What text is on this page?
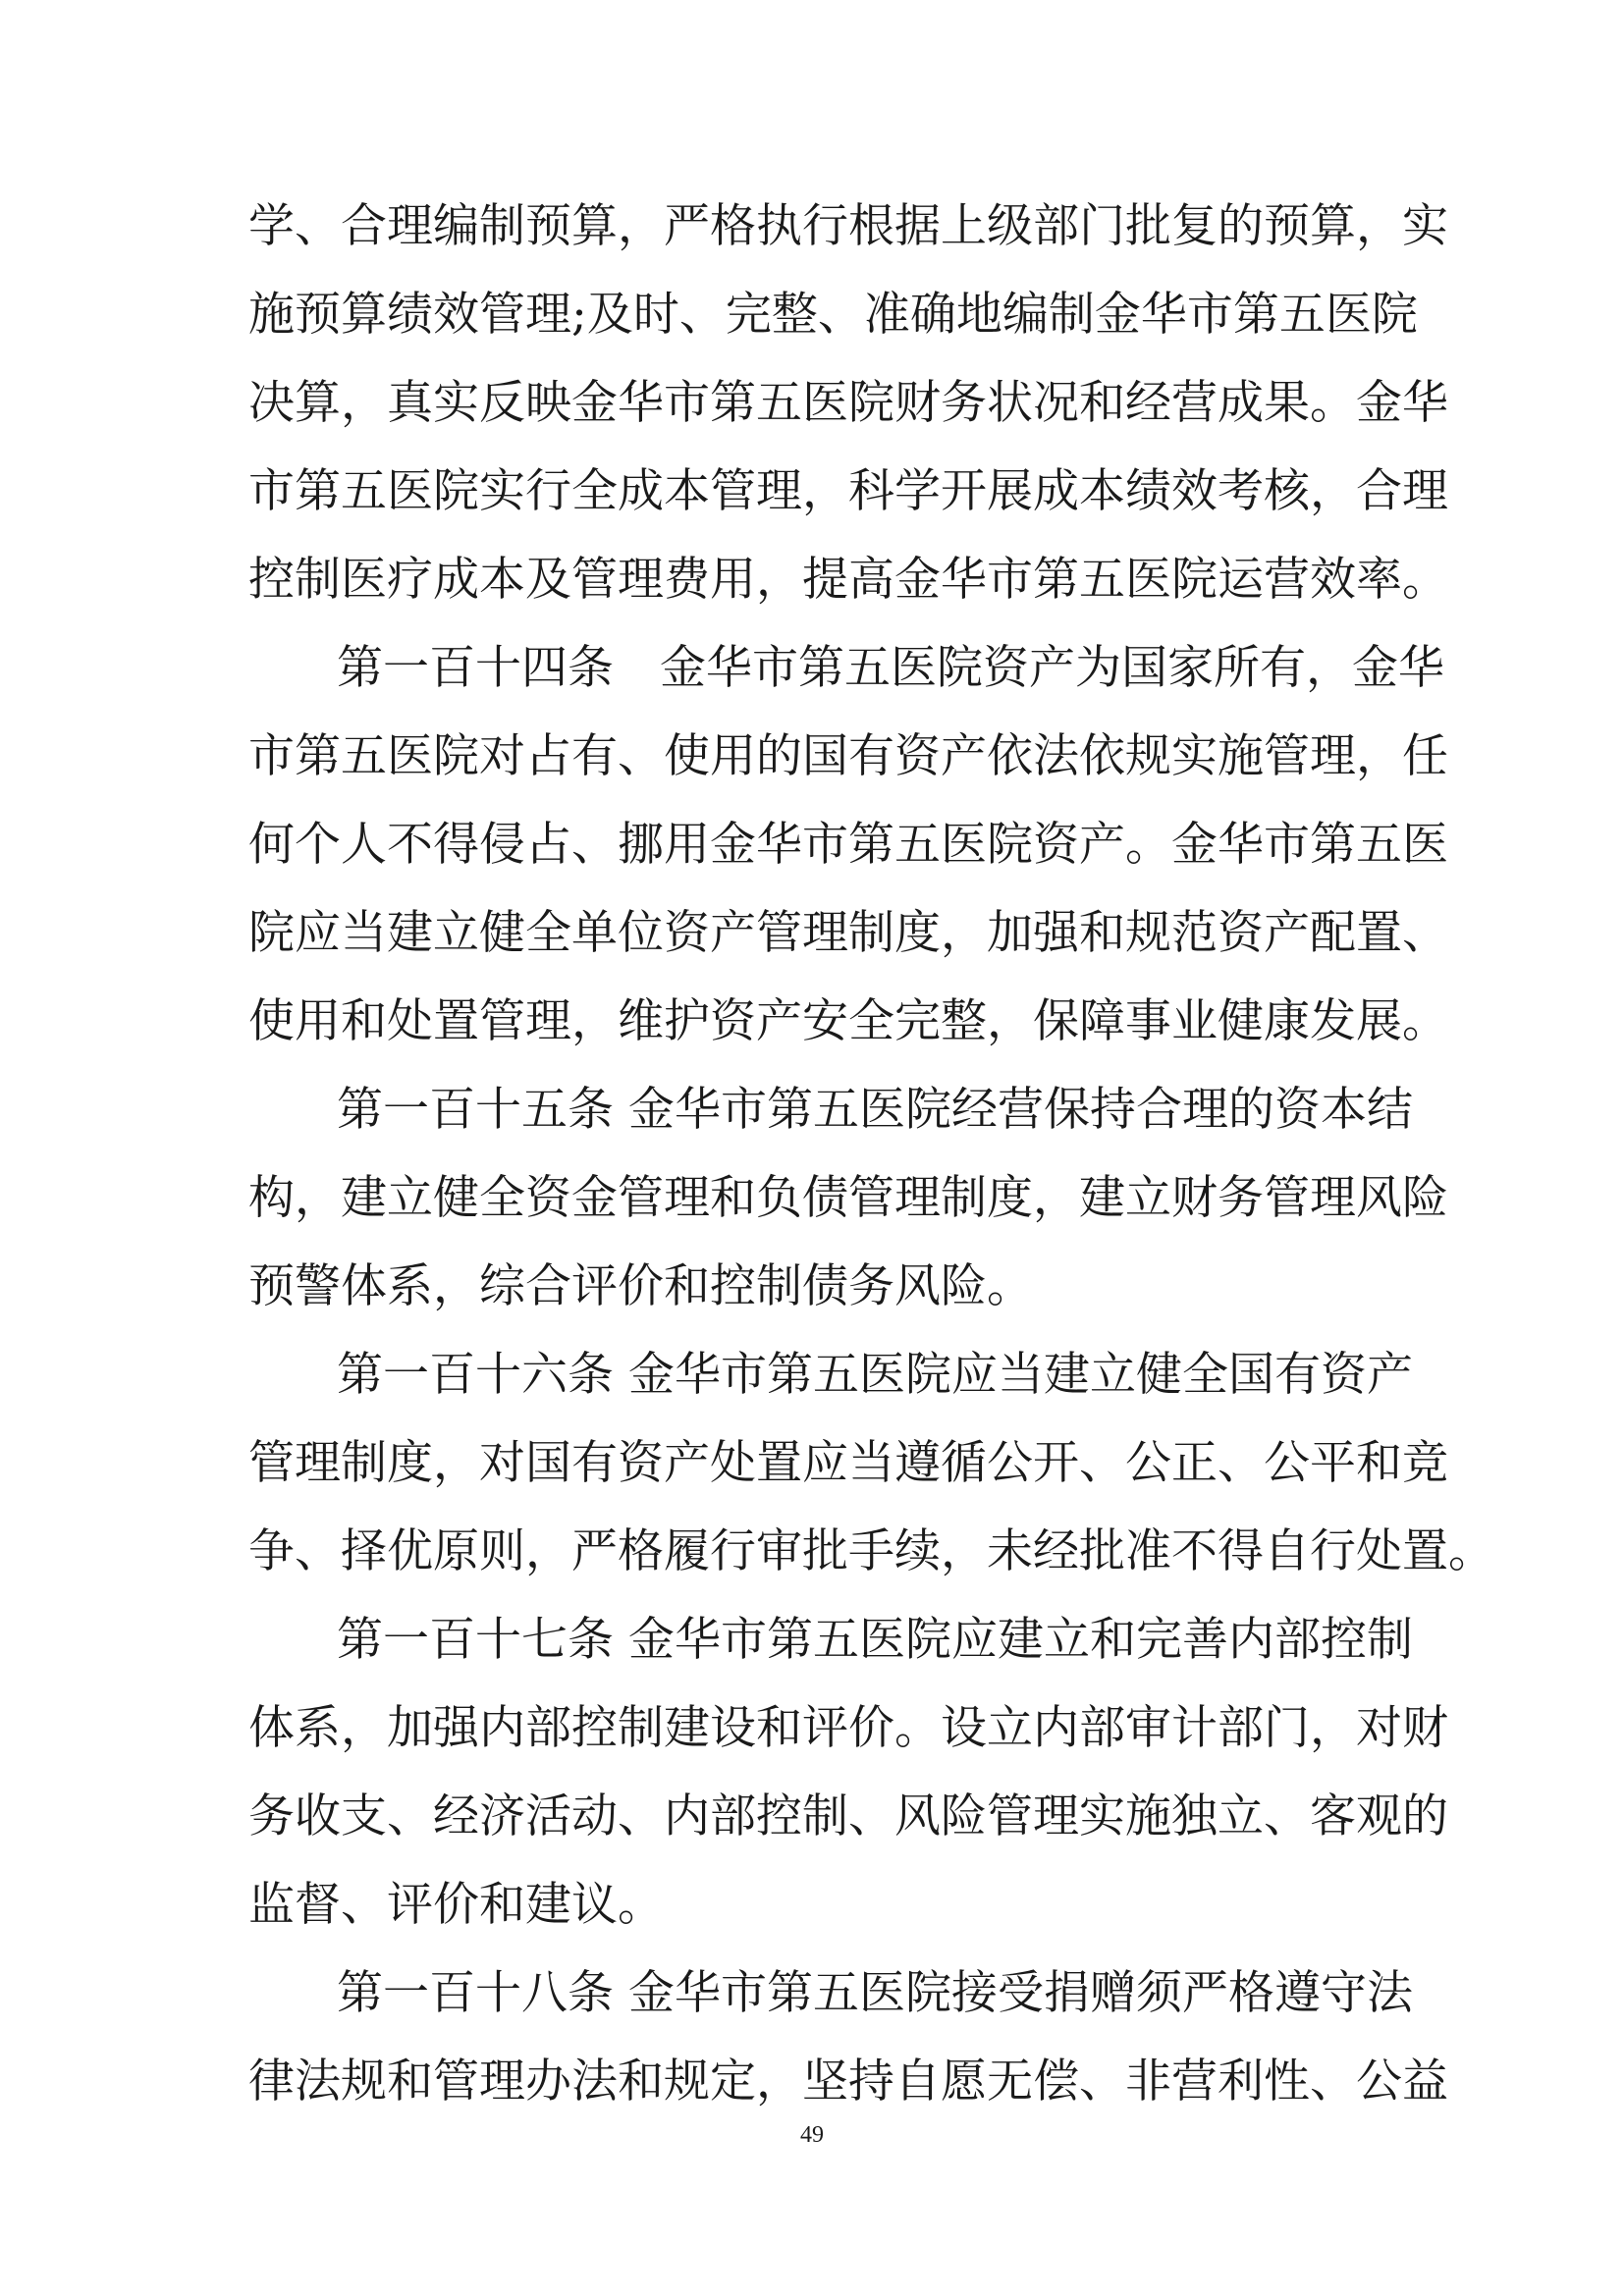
学、合理编制预算，严格执行根据上级部门批复的预算，实
施预算绩效管理;及时、完整、准确地编制金华市第五医院
决算，真实反映金华市第五医院财务状况和经营成果。金华
市第五医院实行全成本管理，科学开展成本绩效考核，合理
控制医疗成本及管理费用，提高金华市第五医院运营效率。
第一百十四条　金华市第五医院资产为国家所有，金华
市第五医院对占有、使用的国有资产依法依规实施管理，任
何个人不得侵占、挪用金华市第五医院资产。金华市第五医
院应当建立健全单位资产管理制度，加强和规范资产配置、
使用和处置管理，维护资产安全完整，保障事业健康发展。
第一百十五条 金华市第五医院经营保持合理的资本结
构，建立健全资金管理和负债管理制度，建立财务管理风险
预警体系，综合评价和控制债务风险。
第一百十六条 金华市第五医院应当建立健全国有资产
管理制度，对国有资产处置应当遵循公开、公正、公平和竞
争、择优原则，严格履行审批手续，未经批准不得自行处置。
第一百十七条 金华市第五医院应建立和完善内部控制
体系，加强内部控制建设和评价。设立内部审计部门，对财
务收支、经济活动、内部控制、风险管理实施独立、客观的
监督、评价和建议。
第一百十八条 金华市第五医院接受捐赠须严格遵守法
律法规和管理办法和规定，坚持自愿无偿、非营利性、公益
49
